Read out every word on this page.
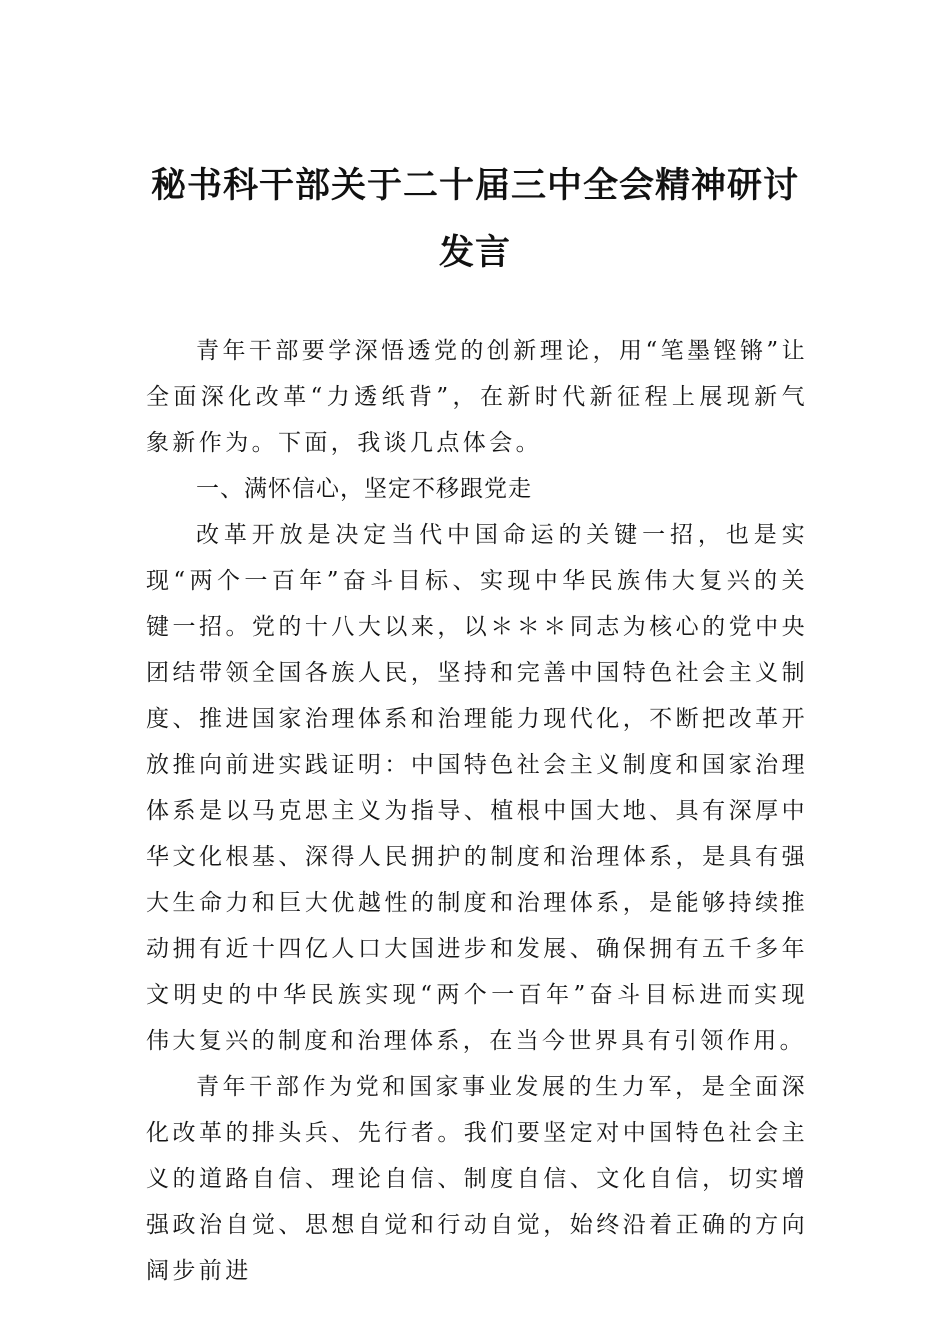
秘书科干部关于二十届三中全会精神研讨
发言

青年干部要学深悟透党的创新理论，用“笔墨铿锵”让全面深化改革“力透纸背”，在新时代新征程上展现新气象新作为。下面，我谈几点体会。

一、满怀信心，坚定不移跟党走

改革开放是决定当代中国命运的关键一招，也是实现“两个一百年”奋斗目标、实现中华民族伟大复兴的关键一招。党的十八大以来，以＊＊＊同志为核心的党中央团结带领全国各族人民，坚持和完善中国特色社会主义制度、推进国家治理体系和治理能力现代化，不断把改革开放推向前进实践证明：中国特色社会主义制度和国家治理体系是以马克思主义为指导、植根中国大地、具有深厚中华文化根基、深得人民拥护的制度和治理体系，是具有强大生命力和巨大优越性的制度和治理体系，是能够持续推动拥有近十四亿人口大国进步和发展、确保拥有五千多年文明史的中华民族实现“两个一百年”奋斗目标进而实现伟大复兴的制度和治理体系，在当今世界具有引领作用。

青年干部作为党和国家事业发展的生力军，是全面深化改革的排头兵、先行者。我们要坚定对中国特色社会主义的道路自信、理论自信、制度自信、文化自信，切实增强政治自觉、思想自觉和行动自觉，始终沿着正确的方向阔步前进
